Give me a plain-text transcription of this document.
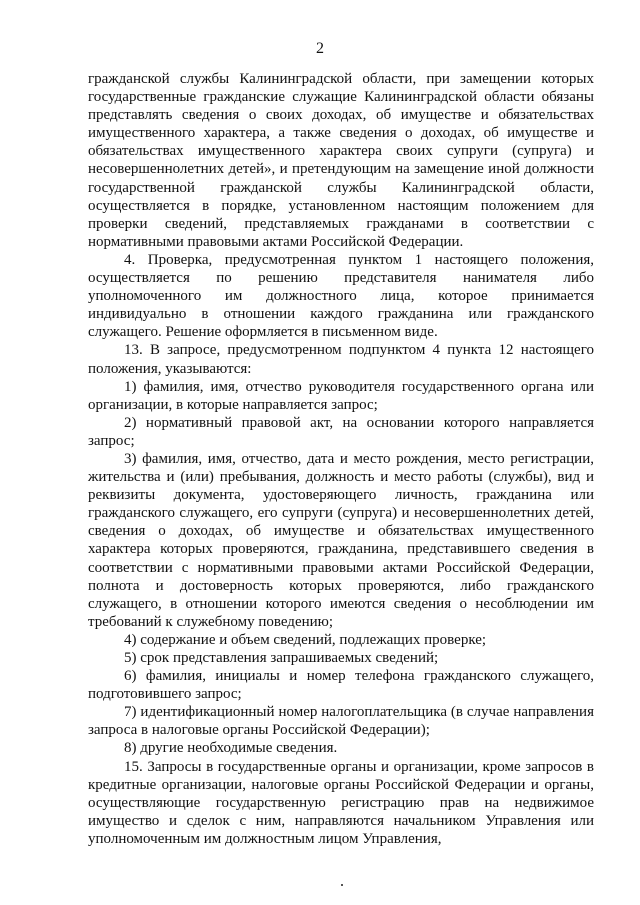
2

гражданской службы Калининградской области, при замещении которых государственные гражданские служащие Калининградской области обязаны представлять сведения о своих доходах, об имуществе и обязательствах имущественного характера, а также сведения о доходах, об имуществе и обязательствах имущественного характера своих супруги (супруга) и несовершеннолетних детей», и претендующим на замещение иной должности государственной гражданской службы Калининградской области, осуществляется в порядке, установленном настоящим положением для проверки сведений, представляемых гражданами в соответствии с нормативными правовыми актами Российской Федерации.

4. Проверка, предусмотренная пунктом 1 настоящего положения, осуществляется по решению представителя нанимателя либо уполномоченного им должностного лица, которое принимается индивидуально в отношении каждого гражданина или гражданского служащего. Решение оформляется в письменном виде.

13. В запросе, предусмотренном подпунктом 4 пункта 12 настоящего положения, указываются:

1) фамилия, имя, отчество руководителя государственного органа или организации, в которые направляется запрос;

2) нормативный правовой акт, на основании которого направляется запрос;

3) фамилия, имя, отчество, дата и место рождения, место регистрации, жительства и (или) пребывания, должность и место работы (службы), вид и реквизиты документа, удостоверяющего личность, гражданина или гражданского служащего, его супруги (супруга) и несовершеннолетних детей, сведения о доходах, об имуществе и обязательствах имущественного характера которых проверяются, гражданина, представившего сведения в соответствии с нормативными правовыми актами Российской Федерации, полнота и достоверность которых проверяются, либо гражданского служащего, в отношении которого имеются сведения о несоблюдении им требований к служебному поведению;

4) содержание и объем сведений, подлежащих проверке;

5) срок представления запрашиваемых сведений;

6) фамилия, инициалы и номер телефона гражданского служащего, подготовившего запрос;

7) идентификационный номер налогоплательщика (в случае направления запроса в налоговые органы Российской Федерации);

8) другие необходимые сведения.

15. Запросы в государственные органы и организации, кроме запросов в кредитные организации, налоговые органы Российской Федерации и органы, осуществляющие государственную регистрацию прав на недвижимое имущество и сделок с ним, направляются начальником Управления или уполномоченным им должностным лицом Управления,
